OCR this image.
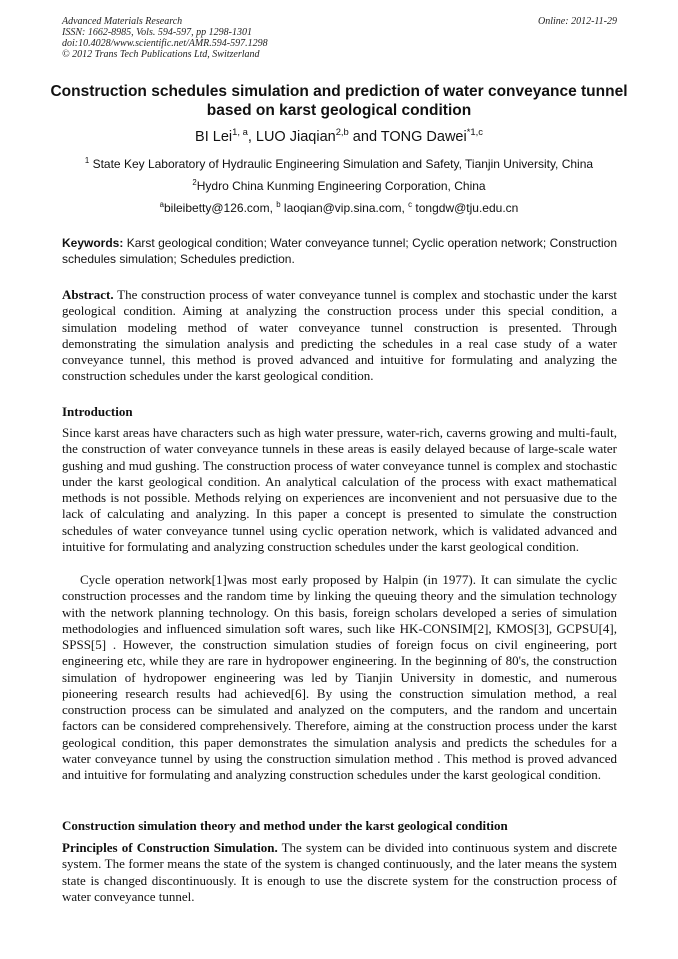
Advanced Materials Research
ISSN: 1662-8985, Vols. 594-597, pp 1298-1301
doi:10.4028/www.scientific.net/AMR.594-597.1298
© 2012 Trans Tech Publications Ltd, Switzerland
Online: 2012-11-29
Construction schedules simulation and prediction of water conveyance tunnel based on karst geological condition
BI Lei$^{1, a}$, LUO Jiaqian$^{2,b}$ and TONG Dawei$^{*1,c}$
$^1$ State Key Laboratory of Hydraulic Engineering Simulation and Safety, Tianjin University, China
$^2$Hydro China Kunming Engineering Corporation, China
$^a$bileibetty@126.com, $^b$ laoqian@vip.sina.com, $^c$ tongdw@tju.edu.cn
Keywords: Karst geological condition; Water conveyance tunnel; Cyclic operation network; Construction schedules simulation; Schedules prediction.
Abstract. The construction process of water conveyance tunnel is complex and stochastic under the karst geological condition. Aiming at analyzing the construction process under this special condition, a simulation modeling method of water conveyance tunnel construction is presented. Through demonstrating the simulation analysis and predicting the schedules in a real case study of a water conveyance tunnel, this method is proved advanced and intuitive for formulating and analyzing the construction schedules under the karst geological condition.
Introduction
Since karst areas have characters such as high water pressure, water-rich, caverns growing and multi-fault, the construction of water conveyance tunnels in these areas is easily delayed because of large-scale water gushing and mud gushing. The construction process of water conveyance tunnel is complex and stochastic under the karst geological condition. An analytical calculation of the process with exact mathematical methods is not possible. Methods relying on experiences are inconvenient and not persuasive due to the lack of calculating and analyzing. In this paper a concept is presented to simulate the construction schedules of water conveyance tunnel using cyclic operation network, which is validated advanced and intuitive for formulating and analyzing construction schedules under the karst geological condition.
Cycle operation network[1]was most early proposed by Halpin (in 1977). It can simulate the cyclic construction processes and the random time by linking the queuing theory and the simulation technology with the network planning technology. On this basis, foreign scholars developed a series of simulation methodologies and influenced simulation soft wares, such like HK-CONSIM[2], KMOS[3], GCPSU[4], SPSS[5] . However, the construction simulation studies of foreign focus on civil engineering, port engineering etc, while they are rare in hydropower engineering. In the beginning of 80's, the construction simulation of hydropower engineering was led by Tianjin University in domestic, and numerous pioneering research results had achieved[6]. By using the construction simulation method, a real construction process can be simulated and analyzed on the computers, and the random and uncertain factors can be considered comprehensively. Therefore, aiming at the construction process under the karst geological condition, this paper demonstrates the simulation analysis and predicts the schedules for a water conveyance tunnel by using the construction simulation method . This method is proved advanced and intuitive for formulating and analyzing construction schedules under the karst geological condition.
Construction simulation theory and method under the karst geological condition
Principles of Construction Simulation. The system can be divided into continuous system and discrete system. The former means the state of the system is changed continuously, and the later means the system state is changed discontinuously. It is enough to use the discrete system for the construction process of water conveyance tunnel.
